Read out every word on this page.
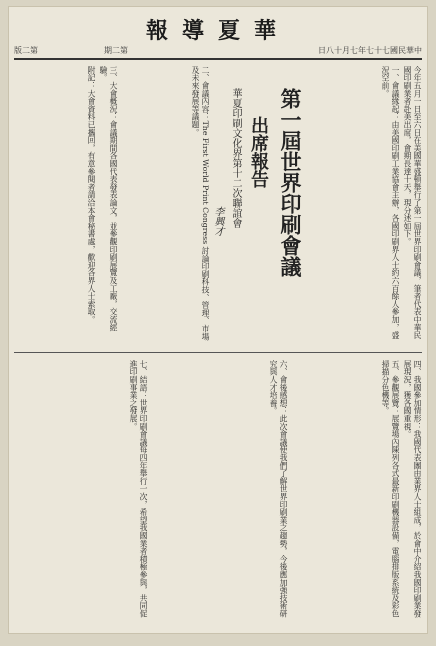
報導夏華
版二第	期二第	日八十月七年七十七國民華中
第一屆世界印刷會議
出席報告
華夏印刷文化界第十二次聯誼會
李興才	今年五月一日至六日在美國華盛頓舉行了第一屆世界印刷會議，筆者代表中華民國印刷業者赴美出席，會期長達十天，現分述如下。

一、會議緣起：由美國印刷工業協會主辦，各國印刷界人士約六百餘人參加，盛況空前。

二、會議內容：The First World Print Congress 討論印刷科技、管理、市場及未來發展等議題。

三、大會概況：會議期間各國代表發表論文，並參觀印刷展覽及工廠，交流經驗。

附記：大會資料已攜回，有意參閱者請洽本會秘書處，歡迎各界人士索取。

四、我國參加情形：我國代表團由業界人士組成，於會中介紹我國印刷業發展現況，獲各國重視。

五、參觀展覽：展覽場內陳列各式最新印刷機器設備，電腦排版系統及彩色掃描分色機等。

六、會後感想：此次會議使我們了解世界印刷業之趨勢，今後應加強技術研究與人才培養。

七、結語：世界印刷會議每四年舉行一次，希望我國業者積極參與，共同促進印刷事業之發展。
